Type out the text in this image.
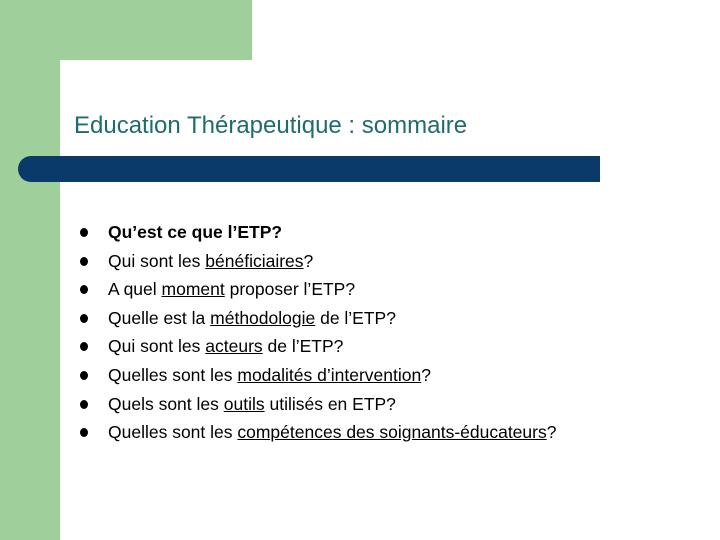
Education Thérapeutique : sommaire
Qu’est ce que l’ETP?
Qui sont les bénéficiaires?
A quel moment proposer l’ETP?
Quelle est la méthodologie de l’ETP?
Qui sont les acteurs de l’ETP?
Quelles sont les modalités d’intervention?
Quels sont les outils utilisés en ETP?
Quelles sont les compétences des soignants-éducateurs?
